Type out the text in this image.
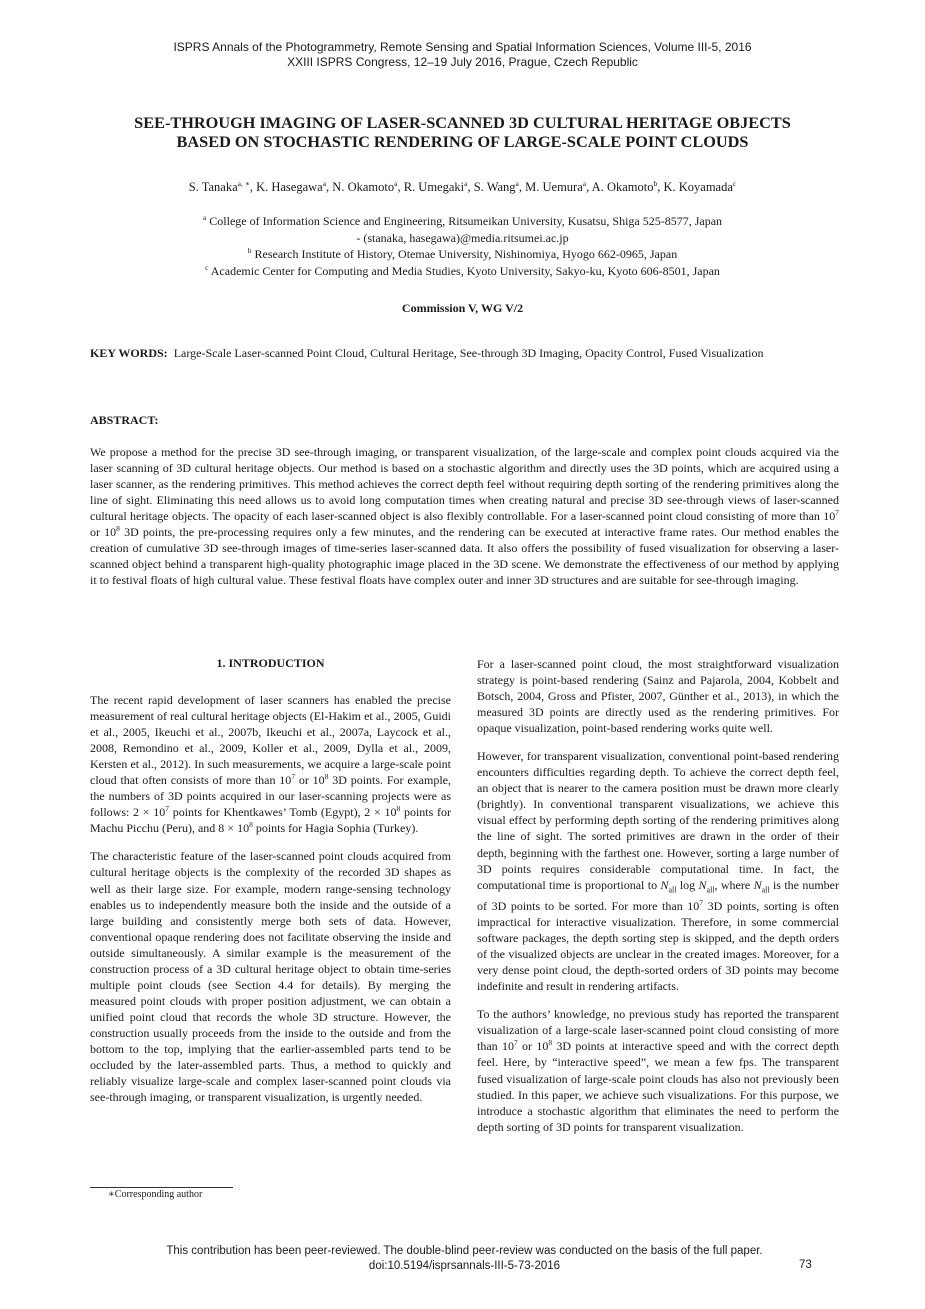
ISPRS Annals of the Photogrammetry, Remote Sensing and Spatial Information Sciences, Volume III-5, 2016
XXIII ISPRS Congress, 12–19 July 2016, Prague, Czech Republic
SEE-THROUGH IMAGING OF LASER-SCANNED 3D CULTURAL HERITAGE OBJECTS
BASED ON STOCHASTIC RENDERING OF LARGE-SCALE POINT CLOUDS
S. Tanaka$^{a, ∗}$, K. Hasegawa$^a$, N. Okamoto$^a$, R. Umegaki$^a$, S. Wang$^a$, M. Uemura$^a$, A. Okamoto$^b$, K. Koyamada$^c$
$^a$ College of Information Science and Engineering, Ritsumeikan University, Kusatsu, Shiga 525-8577, Japan
- (stanaka, hasegawa)@media.ritsumei.ac.jp
$^b$ Research Institute of History, Otemae University, Nishinomiya, Hyogo 662-0965, Japan
$^c$ Academic Center for Computing and Media Studies, Kyoto University, Sakyo-ku, Kyoto 606-8501, Japan
Commission V, WG V/2
KEY WORDS: Large-Scale Laser-scanned Point Cloud, Cultural Heritage, See-through 3D Imaging, Opacity Control, Fused Visualization
ABSTRACT:
We propose a method for the precise 3D see-through imaging, or transparent visualization, of the large-scale and complex point clouds acquired via the laser scanning of 3D cultural heritage objects. Our method is based on a stochastic algorithm and directly uses the 3D points, which are acquired using a laser scanner, as the rendering primitives. This method achieves the correct depth feel without requiring depth sorting of the rendering primitives along the line of sight. Eliminating this need allows us to avoid long computation times when creating natural and precise 3D see-through views of laser-scanned cultural heritage objects. The opacity of each laser-scanned object is also flexibly controllable. For a laser-scanned point cloud consisting of more than $10^7$ or $10^8$ 3D points, the pre-processing requires only a few minutes, and the rendering can be executed at interactive frame rates. Our method enables the creation of cumulative 3D see-through images of time-series laser-scanned data. It also offers the possibility of fused visualization for observing a laser-scanned object behind a transparent high-quality photographic image placed in the 3D scene. We demonstrate the effectiveness of our method by applying it to festival floats of high cultural value. These festival floats have complex outer and inner 3D structures and are suitable for see-through imaging.
1. INTRODUCTION

The recent rapid development of laser scanners has enabled the precise measurement of real cultural heritage objects (El-Hakim et al., 2005, Guidi et al., 2005, Ikeuchi et al., 2007b, Ikeuchi et al., 2007a, Laycock et al., 2008, Remondino et al., 2009, Koller et al., 2009, Dylla et al., 2009, Kersten et al., 2012). In such measurements, we acquire a large-scale point cloud that often consists of more than $10^7$ or $10^8$ 3D points. For example, the numbers of 3D points acquired in our laser-scanning projects were as follows: $2 \times 10^7$ points for Khentkawes’ Tomb (Egypt), $2 \times 10^8$ points for Machu Picchu (Peru), and $8 \times 10^8$ points for Hagia Sophia (Turkey).

The characteristic feature of the laser-scanned point clouds acquired from cultural heritage objects is the complexity of the recorded 3D shapes as well as their large size. For example, modern range-sensing technology enables us to independently measure both the inside and the outside of a large building and consistently merge both sets of data. However, conventional opaque rendering does not facilitate observing the inside and outside simultaneously. A similar example is the measurement of the construction process of a 3D cultural heritage object to obtain time-series multiple point clouds (see Section 4.4 for details). By merging the measured point clouds with proper position adjustment, we can obtain a unified point cloud that records the whole 3D structure. However, the construction usually proceeds from the inside to the outside and from the bottom to the top, implying that the earlier-assembled parts tend to be occluded by the later-assembled parts. Thus, a method to quickly and reliably visualize large-scale and complex laser-scanned point clouds via see-through imaging, or transparent visualization, is urgently needed.

For a laser-scanned point cloud, the most straightforward visualization strategy is point-based rendering (Sainz and Pajarola, 2004, Kobbelt and Botsch, 2004, Gross and Pfister, 2007, Günther et al., 2013), in which the measured 3D points are directly used as the rendering primitives. For opaque visualization, point-based rendering works quite well.

However, for transparent visualization, conventional point-based rendering encounters difficulties regarding depth. To achieve the correct depth feel, an object that is nearer to the camera position must be drawn more clearly (brightly). In conventional transparent visualizations, we achieve this visual effect by performing depth sorting of the rendering primitives along the line of sight. The sorted primitives are drawn in the order of their depth, beginning with the farthest one. However, sorting a large number of 3D points requires considerable computational time. In fact, the computational time is proportional to $N_{all}$ $\log N_{all}$, where $N_{all}$ is the number of 3D points to be sorted. For more than $10^7$ 3D points, sorting is often impractical for interactive visualization. Therefore, in some commercial software packages, the depth sorting step is skipped, and the depth orders of the visualized objects are unclear in the created images. Moreover, for a very dense point cloud, the depth-sorted orders of 3D points may become indefinite and result in rendering artifacts.

To the authors’ knowledge, no previous study has reported the transparent visualization of a large-scale laser-scanned point cloud consisting of more than $10^7$ or $10^8$ 3D points at interactive speed and with the correct depth feel. Here, by “interactive speed”, we mean a few fps. The transparent fused visualization of large-scale point clouds has also not previously been studied. In this paper, we achieve such visualizations. For this purpose, we introduce a stochastic algorithm that eliminates the need to perform the depth sorting of 3D points for transparent visualization.

∗Corresponding author
This contribution has been peer-reviewed. The double-blind peer-review was conducted on the basis of the full paper.
doi:10.5194/isprsannals-III-5-73-2016	73
